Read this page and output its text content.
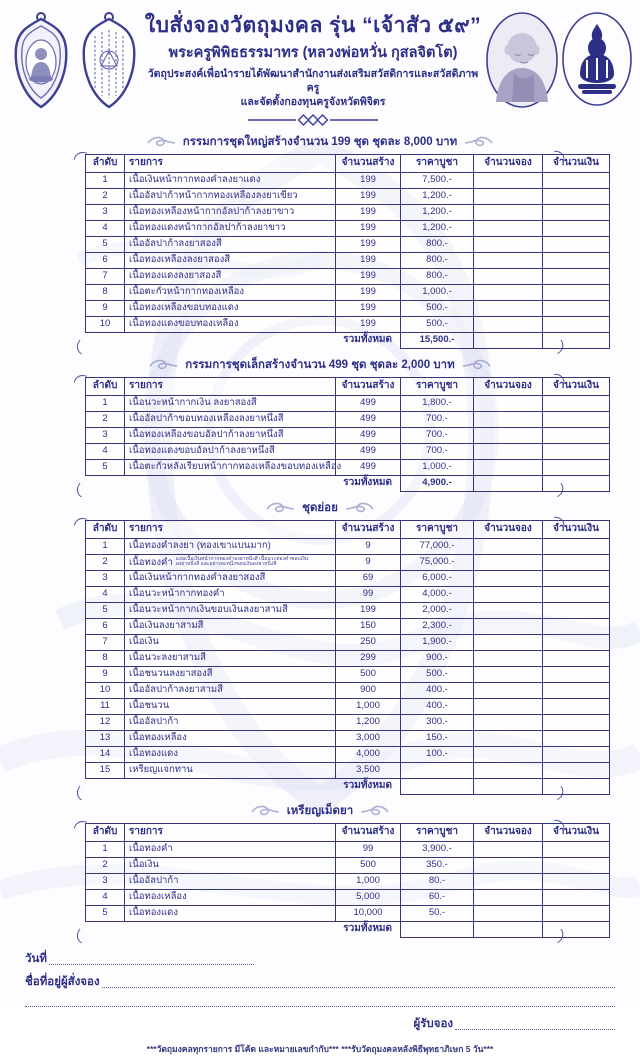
ใบสั่งจองวัตถุมงคล รุ่น “เจ้าสัว ๕๙”
พระครูพิพิธธรรมาทร (หลวงพ่อหวั่น กุสลจิตโต)
วัตถุประสงค์เพื่อนำรายได้พัฒนาสำนักงานส่งเสริมสวัสดิการและสวัสดิภาพครู
และจัดตั้งกองทุนครูจังหวัดพิจิตร
กรรมการชุดใหญ่สร้างจำนวน 199 ชุด ชุดละ 8,000 บาท
ลำดับ	รายการ	จำนวนสร้าง	ราคาบูชา	จำนวนจอง	จำนวนเงิน
1	เนื้อเงินหน้ากากทองคำลงยาแดง	199	7,500.-		
2	เนื้ออัลปาก้าหน้ากากทองเหลืองลงยาเขียว	199	1,200.-		
3	เนื้อทองเหลืองหน้ากากอัลปาก้าลงยาขาว	199	1,200.-		
4	เนื้อทองแดงหน้ากากอัลปาก้าลงยาขาว	199	1,200.-		
5	เนื้ออัลปาก้าลงยาสองสี	199	800.-		
6	เนื้อทองเหลืองลงยาสองสี	199	800.-		
7	เนื้อทองแดงลงยาสองสี	199	800.-		
8	เนื้อตะกั่วหน้ากากทองเหลือง	199	1,000.-		
9	เนื้อทองเหลืองขอบทองแดง	199	500.-		
10	เนื้อทองแดงขอบทองเหลือง	199	500.-		
รวมทั้งหมด			15,500.-		
กรรมการชุดเล็กสร้างจำนวน 499 ชุด ชุดละ 2,000 บาท
ลำดับ	รายการ	จำนวนสร้าง	ราคาบูชา	จำนวนจอง	จำนวนเงิน
1	เนื้อนวะหน้ากากเงิน ลงยาสองสี	499	1,800.-		
2	เนื้ออัลปาก้าขอบทองเหลืองลงยาหนึ่งสี	499	700.-		
3	เนื้อทองเหลืองขอบอัลปาก้าลงยาหนึ่งสี	499	700.-		
4	เนื้อทองแดงขอบอัลปาก้าลงยาหนึ่งสี	499	700.-		
5	เนื้อตะกั่วหลังเรียบหน้ากากทองเหลืองขอบทองเหลือง	499	1,000.-		
รวมทั้งหมด			4,900.-		
ชุดย่อย
ลำดับ	รายการ	จำนวนสร้าง	ราคาบูชา	จำนวนจอง	จำนวนเงิน
1	เนื้อทองคำลงยา (ทองเขาแบนมาก)	9	77,000.-		
2	เนื้อทองคำ แถมเนื้อเงินหน้ากากทองคำลงยาหนึ่งสี เนื้อนวะทองคำขอบเงินลงยาหนึ่งสี และอย่างละหนึ่งขอบเงินลงยาหนึ่งสี	9	75,000.-		
3	เนื้อเงินหน้ากากทองคำลงยาสองสี	69	6,000.-		
4	เนื้อนวะหน้ากากทองคำ	99	4,000.-		
5	เนื้อนวะหน้ากากเงินขอบเงินลงยาสามสี	199	2,000.-		
6	เนื้อเงินลงยาสามสี	150	2,300.-		
7	เนื้อเงิน	250	1,900.-		
8	เนื้อนวะลงยาสามสี	299	900.-		
9	เนื้อชนวนลงยาสองสี	500	500.-		
10	เนื้ออัลปาก้าลงยาสามสี	900	400.-		
11	เนื้อชนวน	1,000	400.-		
12	เนื้ออัลปาก้า	1,200	300.-		
13	เนื้อทองเหลือง	3,000	150.-		
14	เนื้อทองแดง	4,000	100.-		
15	เหรียญแจกทาน	3,500			
รวมทั้งหมด					
เหรียญเม็ดยา
ลำดับ	รายการ	จำนวนสร้าง	ราคาบูชา	จำนวนจอง	จำนวนเงิน
1	เนื้อทองคำ	99	3,900.-		
2	เนื้อเงิน	500	350.-		
3	เนื้ออัลปาก้า	1,000	80.-		
4	เนื้อทองเหลือง	5,000	60.-		
5	เนื้อทองแดง	10,000	50.-		
รวมทั้งหมด					
วันที่
ชื่อที่อยู่ผู้สั่งจอง
ผู้รับจอง
***วัตถุมงคลทุกรายการ มีโค้ด และหมายเลขกำกับ*** ***รับวัตถุมงคลหลังพิธีพุทธาภิเษก 5 วัน***
